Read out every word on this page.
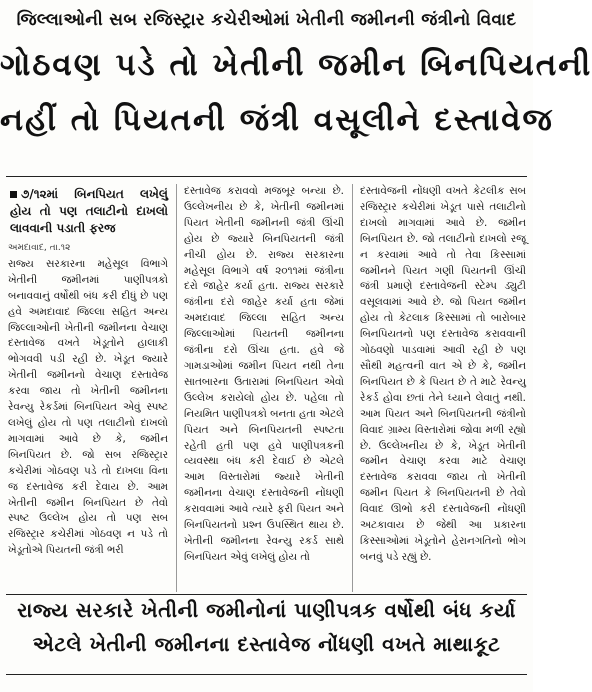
જિલ્લાઓની સબ રજિસ્ટ્રાર કચેરીઓમાં ખેતીની જમીનની જંત્રીનો વિવાદ
ગોઠવણ પડે તો ખેતીની જમીન બિનપિયતની
નહીં તો પિયતની જંત્રી વસૂલીને દસ્તાવેજ
૭/૧૨માં બિનપિયત લખેલું હોય તો પણ તલાટીનો દાખલો લાવવાની પડાતી ફરજ
અમદાવાદ, તા.૧૨

રાજ્ય સરકારના મહેસૂલ વિભાગે ખેતીની જમીનમાં પાણીપત્રકો બનાવવાનું વર્ષોથી બંધ કરી દીધું છે પણ હવે અમદાવાદ જિલ્લા સહિત અન્ય જિલ્લાઓની ખેતીની જમીનના વેચાણ દસ્તાવેજ વખતે ખેડૂતોને હાલાકી ભોગવવી પડી રહી છે. ખેડૂત જ્યારે ખેતીની જમીનનો વેચાણ દસ્તાવેજ કરવા જાય તો ખેતીની જમીનના રેવન્યુ રેકર્ડમાં બિનપિયત એવું સ્પષ્ટ લખેલું હોય તો પણ તલાટીનો દાખલો માગવામાં આવે છે કે, જમીન બિનપિયત છે. જો સબ રજિસ્ટ્રાર કચેરીમાં ગોઠવણ પડે તો દાખલા વિના જ દસ્તાવેજ કરી દેવાય છે. આમ ખેતીની જમીન બિનપિયત છે તેવો સ્પષ્ટ ઉલ્લેખ હોય તો પણ સબ રજિસ્ટ્રાર કચેરીમાં ગોઠવણ ન પડે તો ખેડૂતોએ પિયતની જંત્રી ભરી

દસ્તાવેજ કરાવવો મજબૂર બન્યા છે. ઉલ્લેખનીય છે કે, ખેતીની જમીનમાં પિયત ખેતીની જમીનની જંત્રી ઊંચી હોય છે જ્યારે બિનપિયતની જંત્રી નીચી હોય છે. રાજ્ય સરકારના મહેસૂલ વિભાગે વર્ષ ૨૦૧૧માં જંત્રીના દરો જાહેર કર્યા હતા. રાજ્ય સરકારે જંત્રીના દરો જાહેર કર્યા હતા જેમાં અમદાવાદ જિલ્લા સહિત અન્ય જિલ્લાઓમાં પિયતની જમીનના જંત્રીના દરો ઊંચા હતા. હવે જે ગામડાઓમાં જમીન પિયત નથી તેના સાતબારના ઉતારામાં બિનપિયત એવો ઉલ્લેખ કરાયેલો હોય છે. પહેલા તો નિયમિત પાણીપત્રકો બનતા હતા એટલે પિયત અને બિનપિયતની સ્પષ્ટતા રહેતી હતી પણ હવે પાણીપત્રકની વ્યવસ્થા બંધ કરી દેવાઈ છે એટલે આમ વિસ્તારોમાં જ્યારે ખેતીની જમીનના વેચાણ દસ્તાવેજની નોંધણી કરાવવામાં આવે ત્યારે ફરી પિયત અને બિનપિયતનો પ્રશ્ન ઉપસ્થિત થાય છે. ખેતીની જમીનના રેવન્યુ રકર્ડ સાથે બિનપિયત એવું લખેલું હોય તો

દસ્તાવેજની નોંધણી વખતે કેટલીક સબ રજિસ્ટ્રાર કચેરીમાં ખેડૂત પાસે તલાટીનો દાખલો માગવામાં આવે છે. જમીન બિનપિયત છે. જો તલાટીનો દાખલો રજૂ ન કરવામાં આવે તો તેવા કિસ્સામાં જમીનને પિયત ગણી પિયતની ઊંચી જંત્રી પ્રમાણે દસ્તાવેજની સ્ટેમ્પ ડ્યુટી વસૂલવામાં આવે છે. જો પિયત જમીન હોય તો કેટલાક કિસ્સામાં તો બારોબાર બિનપિયતનો પણ દસ્તાવેજ કરાવવાની ગોઠવણો પાડવામાં આવી રહી છે પણ સૌથી મહત્વની વાત એ છે કે, જમીન બિનપિયત છે કે પિયત છે તે માટે રેવન્યુ રેકર્ડ હોવા છતાં તેને ધ્યાને લેવાતું નથી. આમ પિયત અને બિનપિયતની જંત્રીનો વિવાદ ગ્રામ્ય વિસ્તારોમાં જોવા મળી રહ્યો છે. ઉલ્લેખનીય છે કે, ખેડૂત ખેતીની જમીન વેચાણ કરવા માટે વેચાણ દસ્તાવેજ કરાવવા જાય તો ખેતીની જમીન પિયત કે બિનપિયતની છે તેવો વિવાદ ઊભો કરી દસ્તાવેજની નોંધણી અટકાવાય છે જેથી આ પ્રકારના કિસ્સાઓમાં ખેડૂતોને હેરાનગતિનો ભોગ બનવું પડે રહ્યું છે.

રાજ્ય સરકારે ખેતીની જમીનોનાં પાણીપત્રક વર્ષોથી બંધ કર્યા
એટલે ખેતીની જમીનના દસ્તાવેજ નોંધણી વખતે માથાકૂટ
